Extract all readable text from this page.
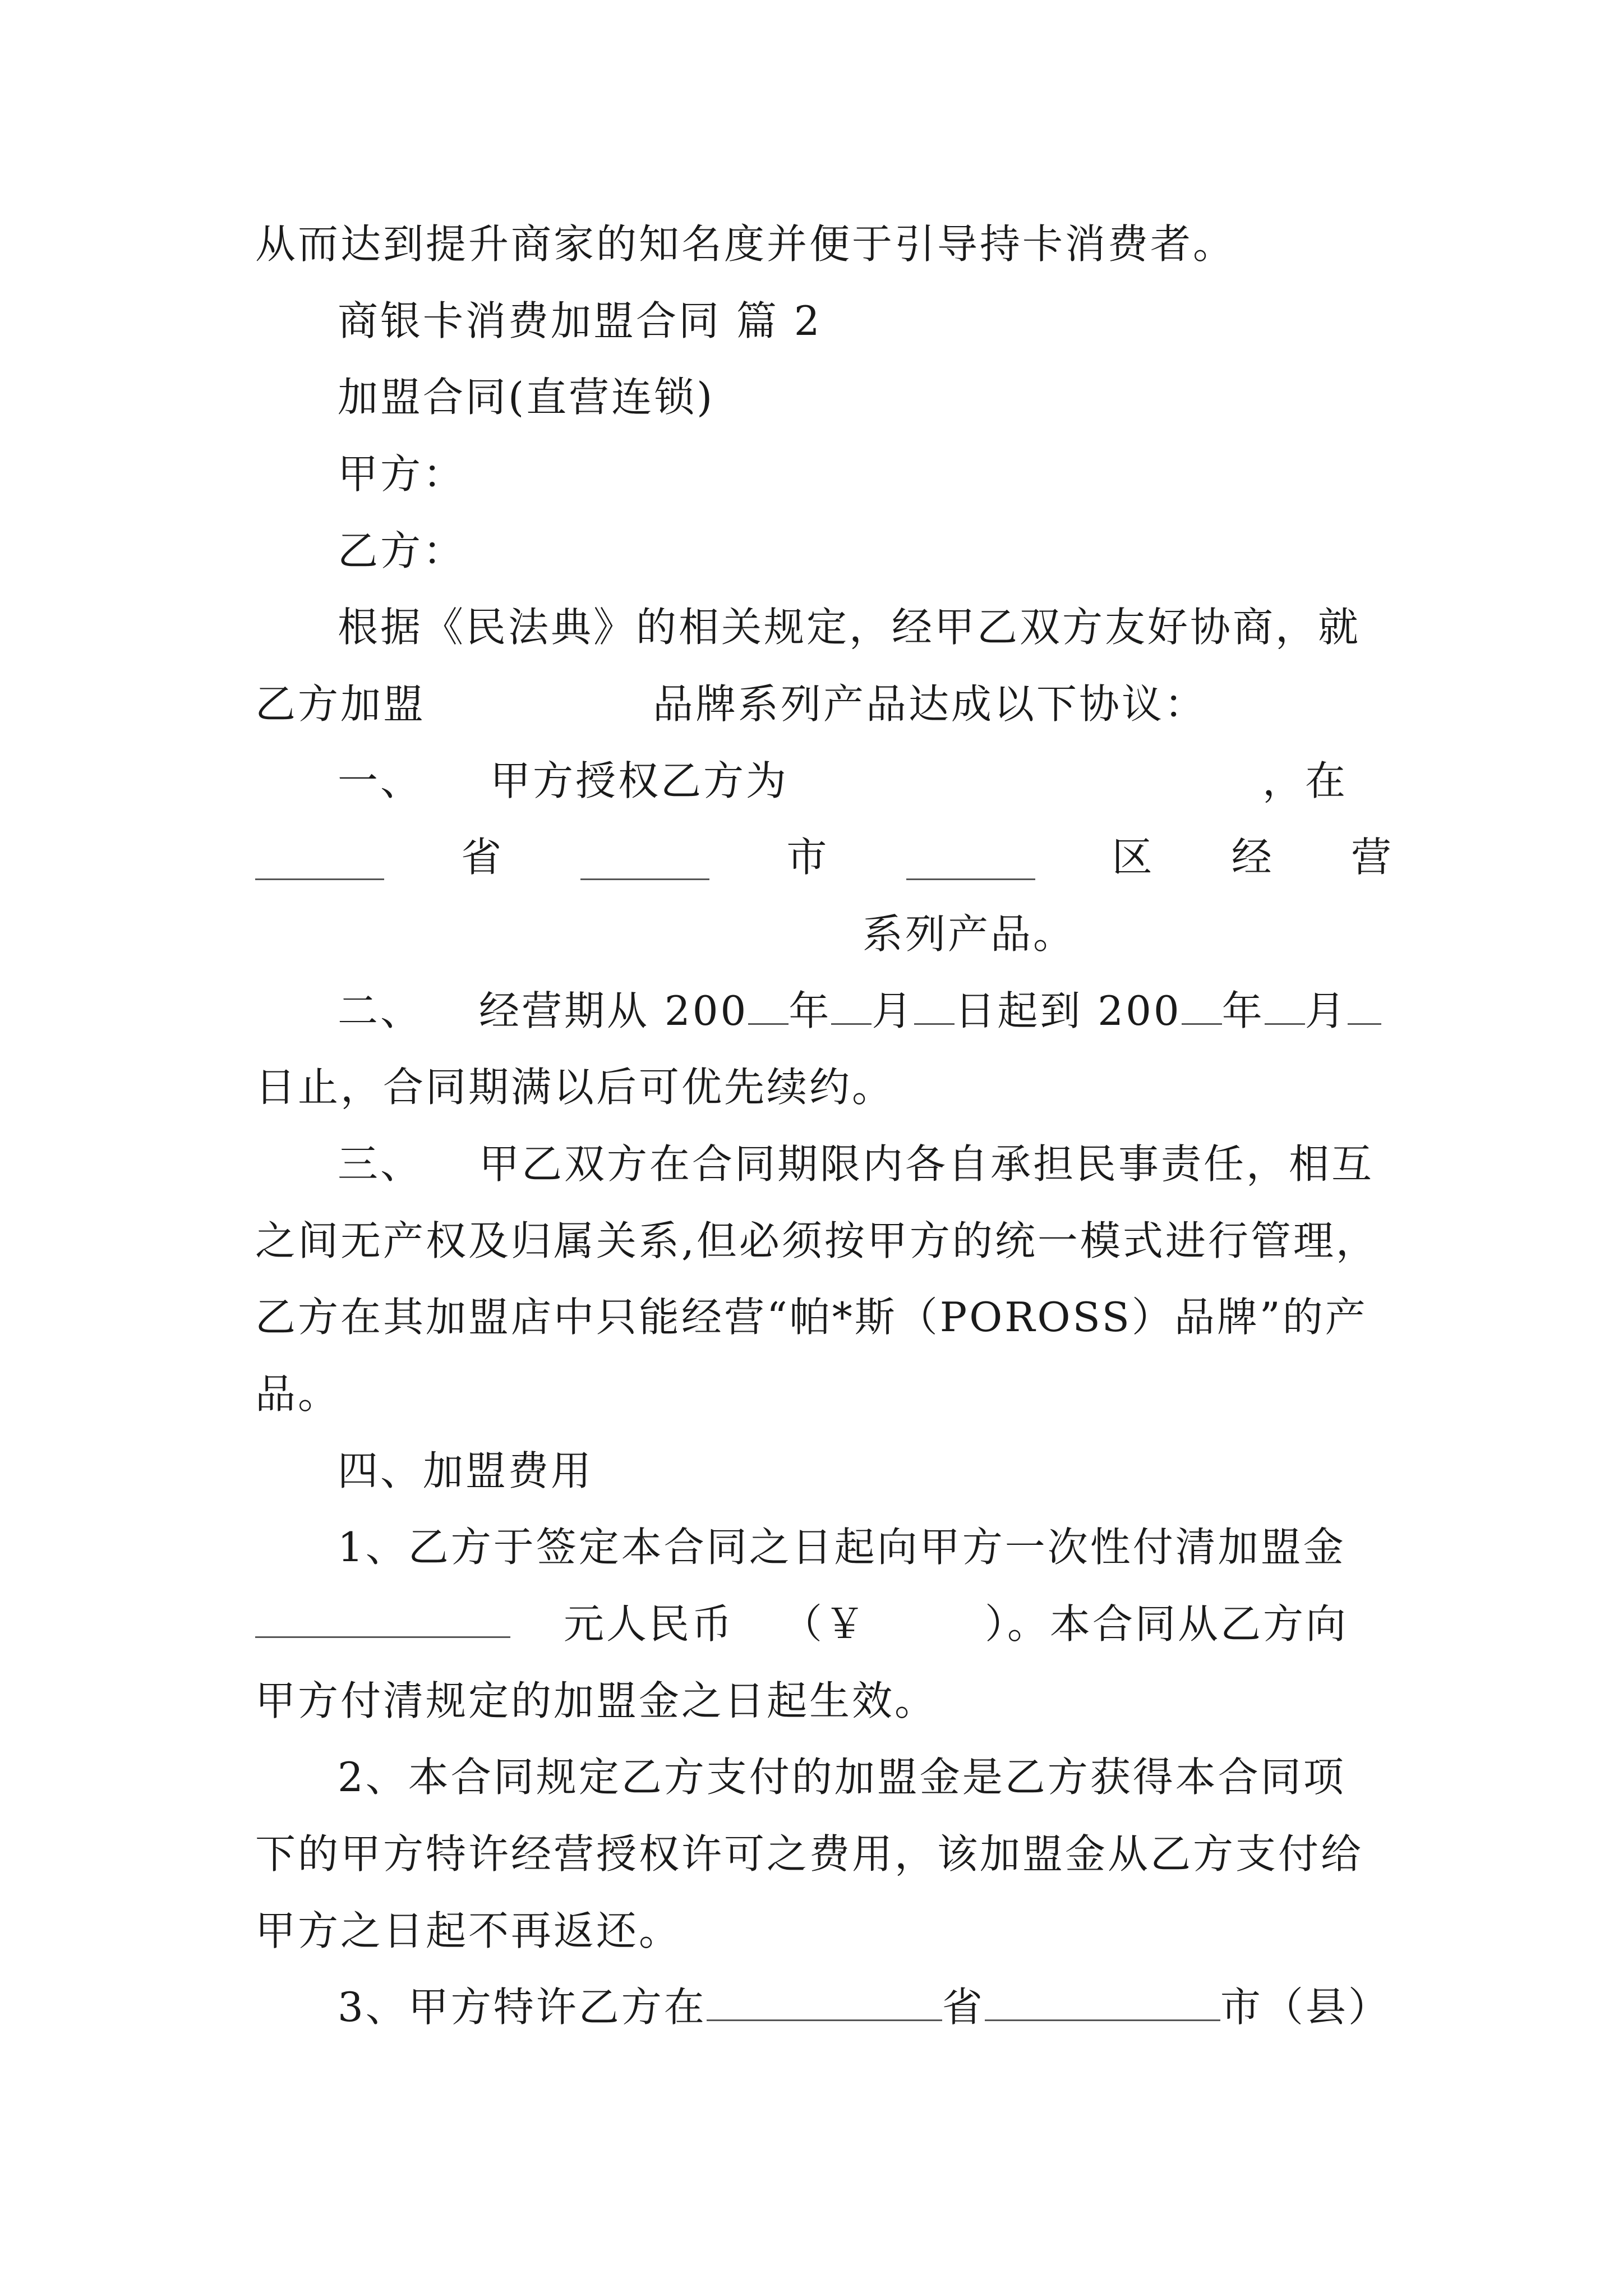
从而达到提升商家的知名度并便于引导持卡消费者。
商银卡消费加盟合同 篇 2
加盟合同(直营连锁)
甲方：
乙方：
根据《民法典》的相关规定，经甲乙双方友好协商，就
乙方加盟	品牌系列产品达成以下协议：
一、 甲方授权乙方为	，在
省	市	区 经 营
系列产品。
二、 经营期从 200 年 月 日起到 200 年 月
日止，合同期满以后可优先续约。
三、 甲乙双方在合同期限内各自承担民事责任，相互
之间无产权及归属关系,但必须按甲方的统一模式进行管理，
乙方在其加盟店中只能经营“帕*斯（POROSS）品牌”的产
品。
四、加盟费用
1、乙方于签定本合同之日起向甲方一次性付清加盟金
元人民币 （￥	）。本合同从乙方向
甲方付清规定的加盟金之日起生效。
2、本合同规定乙方支付的加盟金是乙方获得本合同项
下的甲方特许经营授权许可之费用，该加盟金从乙方支付给
甲方之日起不再返还。
3、甲方特许乙方在	省	市（县）
